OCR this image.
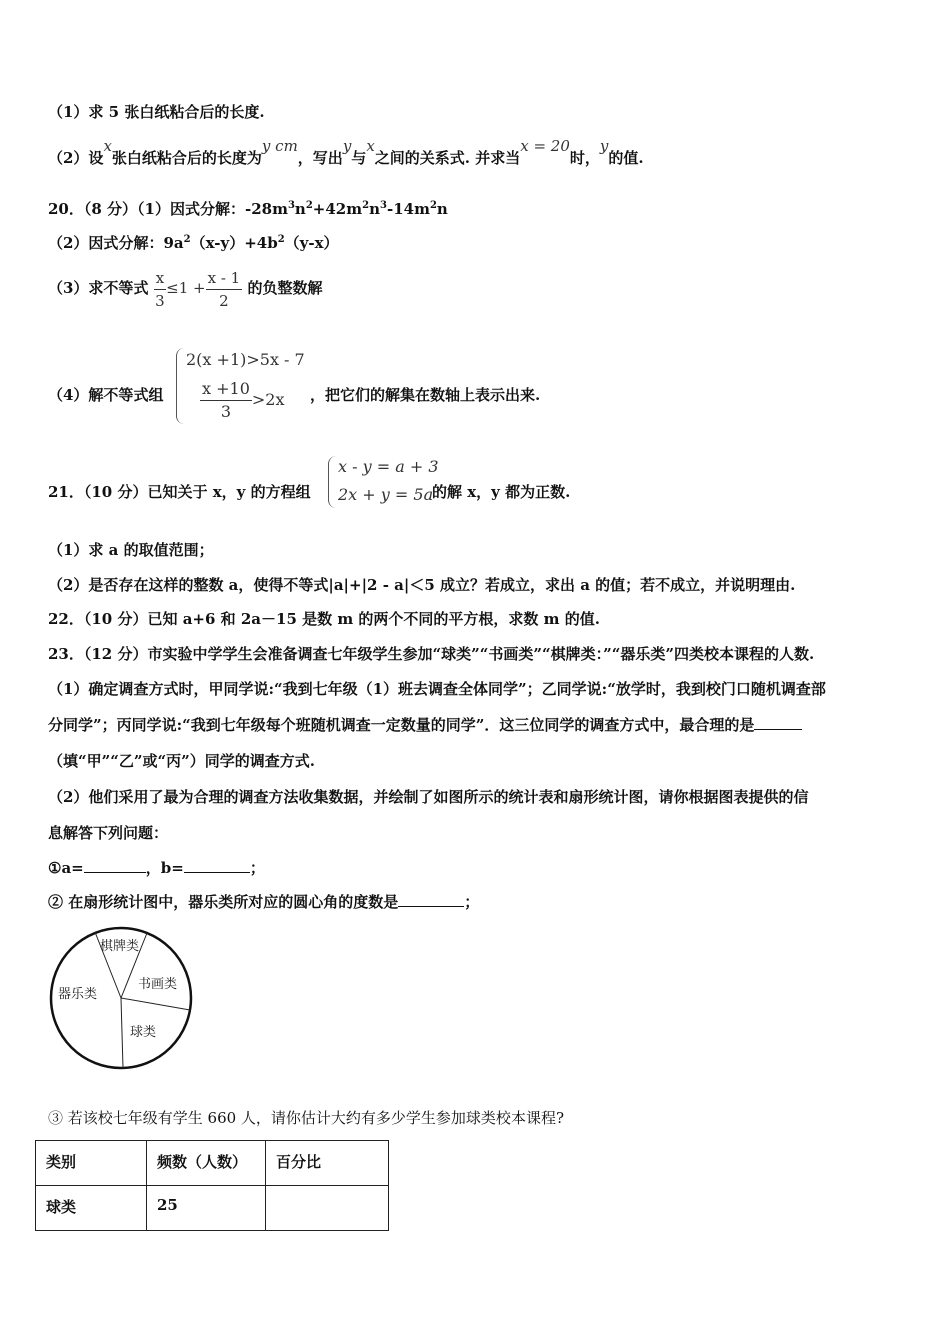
（1）求 5 张白纸粘合后的长度.
（2）设x张白纸粘合后的长度为y cm，写出y与x之间的关系式. 并求当x = 20时，y的值.
20．（8 分）（1）因式分解：$-28m^3n^2+42m^2n^3-14m^2n$
（2）因式分解：$9a^2(x-y)+4b^2(y-x)$
（3）求不等式 $\frac{x}{3} \le 1 + \frac{x - 1}{2}$ 的负整数解
（4）解不等式组
2(x +1)>5x - 7
$\frac{x +10}{3} >2x$ ，把它们的解集在数轴上表示出来.
21．（10 分）已知关于 x，y 的方程组
x - y = a + 3
2x + y = 5a
的解 x，y 都为正数.
（1）求 a 的取值范围；
（2）是否存在这样的整数 a，使得不等式|a|+|2 - a|＜5 成立？若成立，求出 a 的值；若不成立，并说明理由.
22．（10 分）已知 a+6 和 2a－15 是数 m 的两个不同的平方根，求数 m 的值.
23．（12 分）市实验中学学生会准备调查七年级学生参加“球类”“书画类”“棋牌类：”“器乐类”四类校本课程的人数.
（1）确定调查方式时，甲同学说:“我到七年级（1）班去调查全体同学”；乙同学说:“放学时，我到校门口随机调查部
分同学”；丙同学说:“我到七年级每个班随机调查一定数量的同学”．这三位同学的调查方式中，最合理的是
（填“甲”“乙”或“丙”）同学的调查方式.
（2）他们采用了最为合理的调查方法收集数据，并绘制了如图所示的统计表和扇形统计图，请你根据图表提供的信
息解答下列问题：
①a=	，b=	；
② 在扇形统计图中，器乐类所对应的圆心角的度数是	；
棋牌类
书画类
球类
器乐类
③ 若该校七年级有学生 660 人，请你估计大约有多少学生参加球类校本课程?
类别	频数（人数）	百分比
球类	25	
